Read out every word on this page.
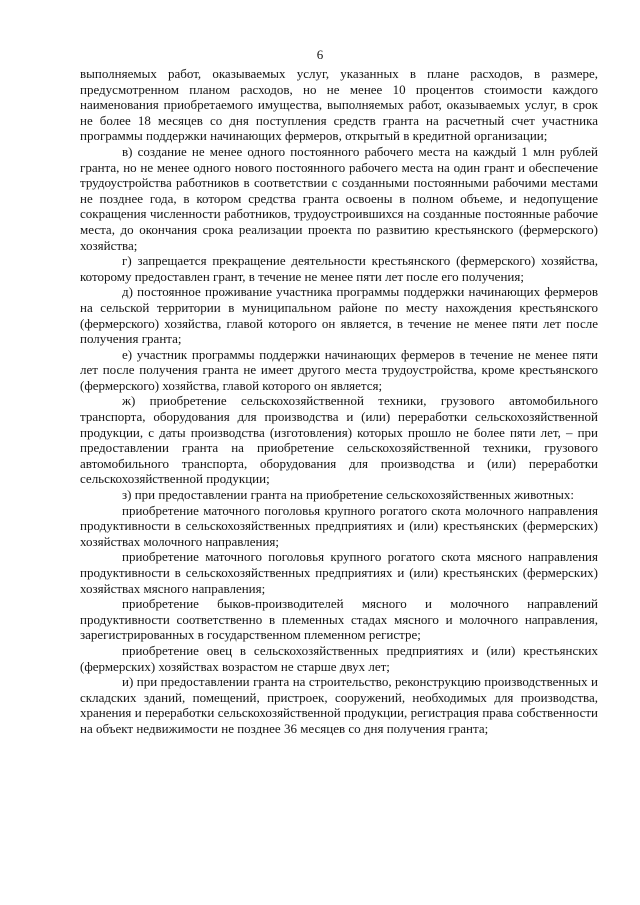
6

выполняемых работ, оказываемых услуг, указанных в плане расходов, в размере, предусмотренном планом расходов, но не менее 10 процентов стоимости каждого наименования приобретаемого имущества, выполняемых работ, оказываемых услуг, в срок не более 18 месяцев со дня поступления средств гранта на расчетный счет участника программы поддержки начинающих фермеров, открытый в кредитной организации;

в) создание не менее одного постоянного рабочего места на каждый 1 млн рублей гранта, но не менее одного нового постоянного рабочего места на один грант и обеспечение трудоустройства работников в соответствии с созданными постоянными рабочими местами не позднее года, в котором средства гранта освоены в полном объеме, и недопущение сокращения численности работников, трудоустроившихся на созданные постоянные рабочие места, до окончания срока реализации проекта по развитию крестьянского (фермерского) хозяйства;

г) запрещается прекращение деятельности крестьянского (фермерского) хозяйства, которому предоставлен грант, в течение не менее пяти лет после его получения;

д) постоянное проживание участника программы поддержки начинающих фермеров на сельской территории в муниципальном районе по месту нахождения крестьянского (фермерского) хозяйства, главой которого он является, в течение не менее пяти лет после получения гранта;

е) участник программы поддержки начинающих фермеров в течение не менее пяти лет после получения гранта не имеет другого места трудоустройства, кроме крестьянского (фермерского) хозяйства, главой которого он является;

ж) приобретение сельскохозяйственной техники, грузового автомобильного транспорта, оборудования для производства и (или) переработки сельскохозяйственной продукции, с даты производства (изготовления) которых прошло не более пяти лет, – при предоставлении гранта на приобретение сельскохозяйственной техники, грузового автомобильного транспорта, оборудования для производства и (или) переработки сельскохозяйственной продукции;

з) при предоставлении гранта на приобретение сельскохозяйственных животных:

приобретение маточного поголовья крупного рогатого скота молочного направления продуктивности в сельскохозяйственных предприятиях и (или) крестьянских (фермерских) хозяйствах молочного направления;

приобретение маточного поголовья крупного рогатого скота мясного направления продуктивности в сельскохозяйственных предприятиях и (или) крестьянских (фермерских) хозяйствах мясного направления;

приобретение быков-производителей мясного и молочного направлений продуктивности соответственно в племенных стадах мясного и молочного направления, зарегистрированных в государственном племенном регистре;

приобретение овец в сельскохозяйственных предприятиях и (или) крестьянских (фермерских) хозяйствах возрастом не старше двух лет;

и) при предоставлении гранта на строительство, реконструкцию производственных и складских зданий, помещений, пристроек, сооружений, необходимых для производства, хранения и переработки сельскохозяйственной продукции, регистрация права собственности на объект недвижимости не позднее 36 месяцев со дня получения гранта;
